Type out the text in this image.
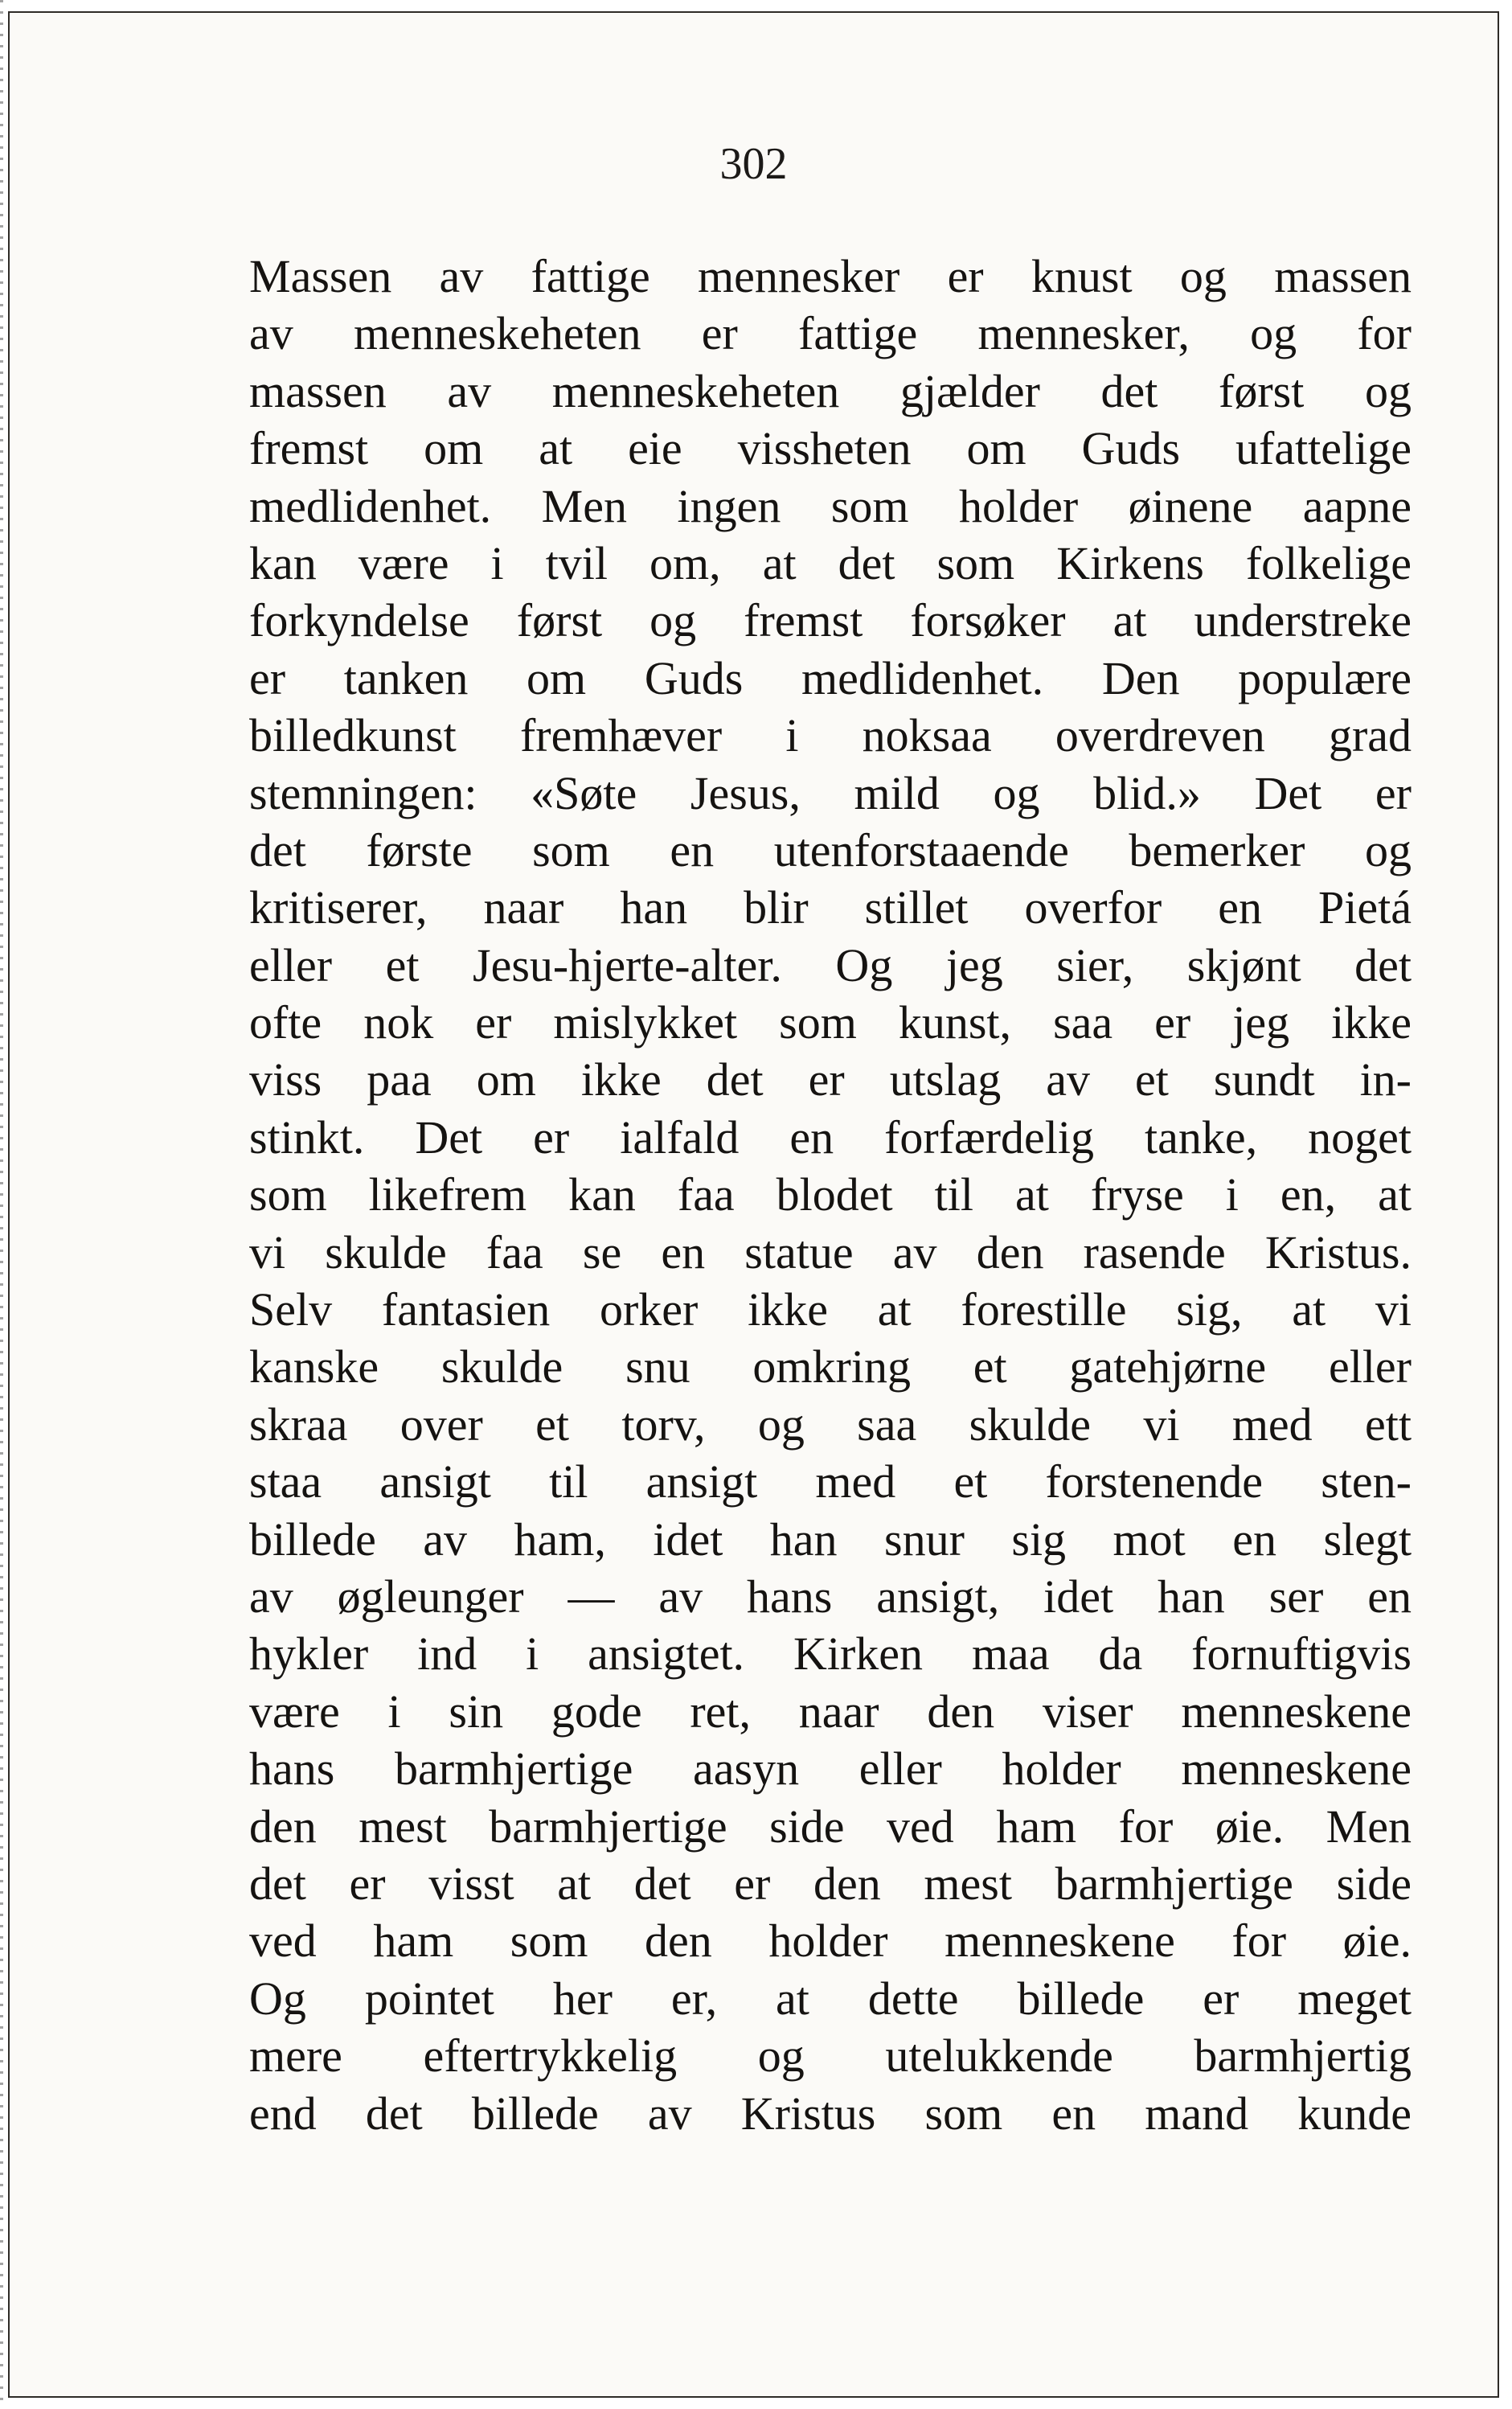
302
Massen av fattige mennesker er knust og massen
av menneskeheten er fattige mennesker, og for
massen av menneskeheten gjælder det først og
fremst om at eie vissheten om Guds ufattelige
medlidenhet. Men ingen som holder øinene aapne
kan være i tvil om, at det som Kirkens folkelige
forkyndelse først og fremst forsøker at understreke
er tanken om Guds medlidenhet. Den populære
billedkunst fremhæver i noksaa overdreven grad
stemningen: «Søte Jesus, mild og blid.» Det er
det første som en utenforstaaende bemerker og
kritiserer, naar han blir stillet overfor en Pietá
eller et Jesu-hjerte-alter. Og jeg sier, skjønt det
ofte nok er mislykket som kunst, saa er jeg ikke
viss paa om ikke det er utslag av et sundt in-
stinkt. Det er ialfald en forfærdelig tanke, noget
som likefrem kan faa blodet til at fryse i en, at
vi skulde faa se en statue av den rasende Kristus.
Selv fantasien orker ikke at forestille sig, at vi
kanske skulde snu omkring et gatehjørne eller
skraa over et torv, og saa skulde vi med ett
staa ansigt til ansigt med et forstenende sten-
billede av ham, idet han snur sig mot en slegt
av øgleunger — av hans ansigt, idet han ser en
hykler ind i ansigtet. Kirken maa da fornuftigvis
være i sin gode ret, naar den viser menneskene
hans barmhjertige aasyn eller holder menneskene
den mest barmhjertige side ved ham for øie. Men
det er visst at det er den mest barmhjertige side
ved ham som den holder menneskene for øie.
Og pointet her er, at dette billede er meget
mere eftertrykkelig og utelukkende barmhjertig
end det billede av Kristus som en mand kunde
